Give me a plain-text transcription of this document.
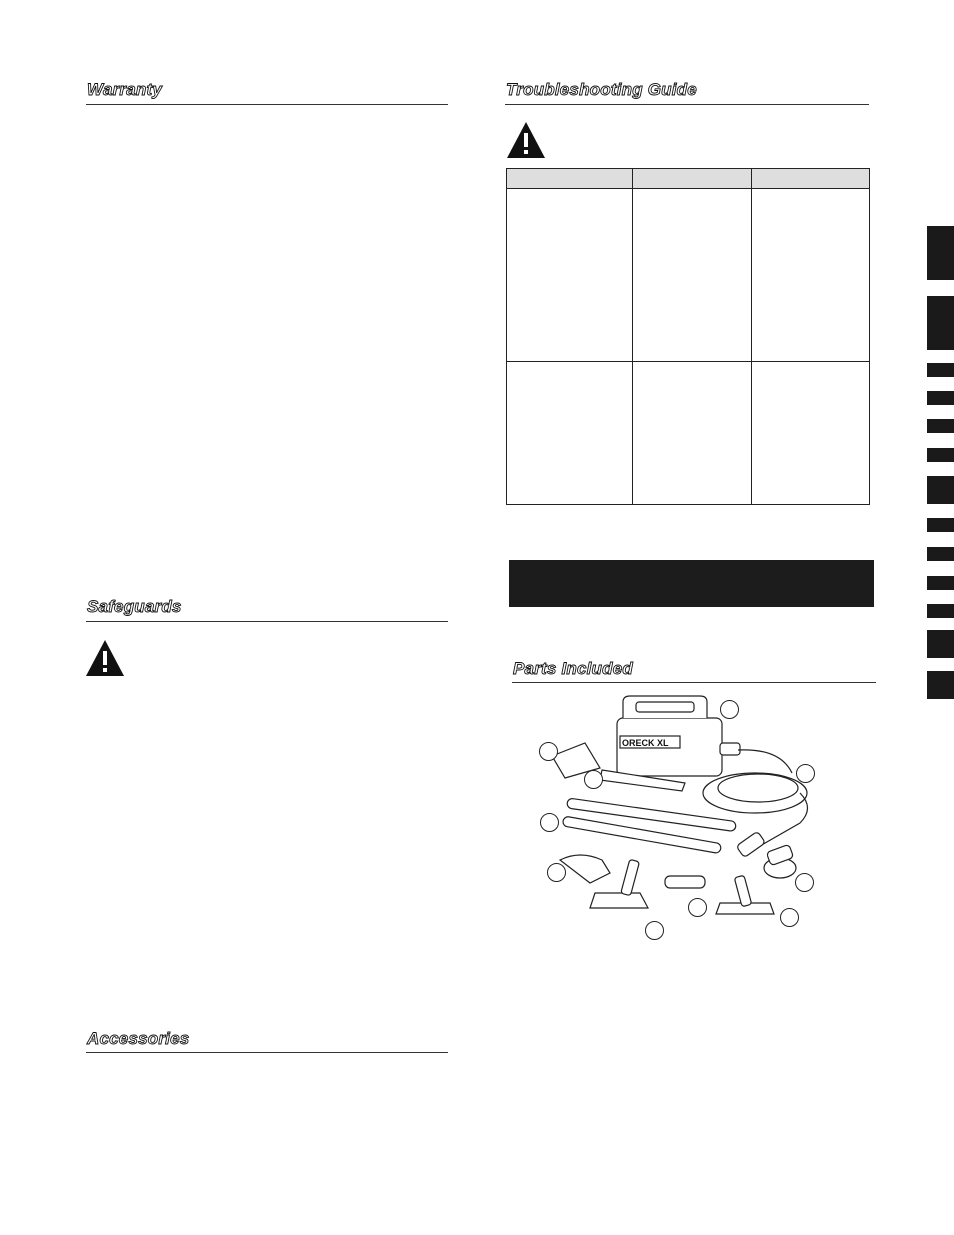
Warranty
Safeguards
Accessories
Troubleshooting Guide
Parts Included
ORECK XL
